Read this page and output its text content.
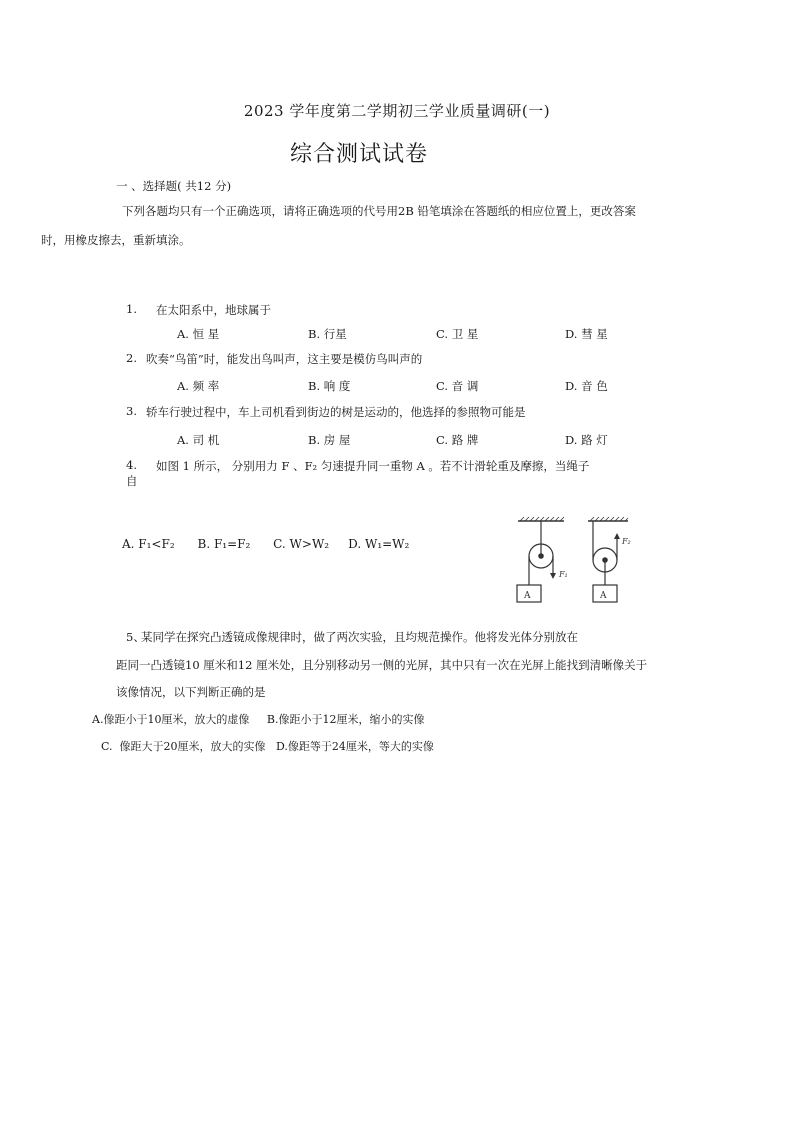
2023 学年度第二学期初三学业质量调研(一)
综合测试试卷
一 、选择题( 共12 分)
下列各题均只有一个正确选项，请将正确选项的代号用2B 铅笔填涂在答题纸的相应位置上，更改答案
时，用橡皮擦去，重新填涂。
1. 在太阳系中，地球属于
A. 恒 星	B. 行星	C. 卫 星	D. 彗 星
2. 吹奏“鸟笛”时，能发出鸟叫声，这主要是模仿鸟叫声的
A. 频 率	B. 响 度	C. 音 调	D. 音 色
3. 轿车行驶过程中，车上司机看到街边的树是运动的，他选择的参照物可能是
A. 司 机	B. 房 屋	C. 路 牌	D. 路 灯
4. 如图 1 所示， 分别用力 F 、F₂ 匀速提升同一重物 A 。若不计滑轮重及摩擦，当绳子
自
A. F₁<F₂      B. F₁=F₂      C. W>W₂     D. W₁=W₂
F₁
A
F₂
A
5、
某同学在探究凸透镜成像规律时，做了两次实验，且均规范操作。他将发光体分别放在
距同一凸透镜10 厘米和12 厘米处，且分别移动另一侧的光屏，其中只有一次在光屏上能找到清晰像关于
该像情况，以下判断正确的是
A.像距小于10厘米，放大的虚像     B.像距小于12厘米，缩小的实像
C.  像距大于20厘米，放大的实像   D.像距等于24厘米，等大的实像
